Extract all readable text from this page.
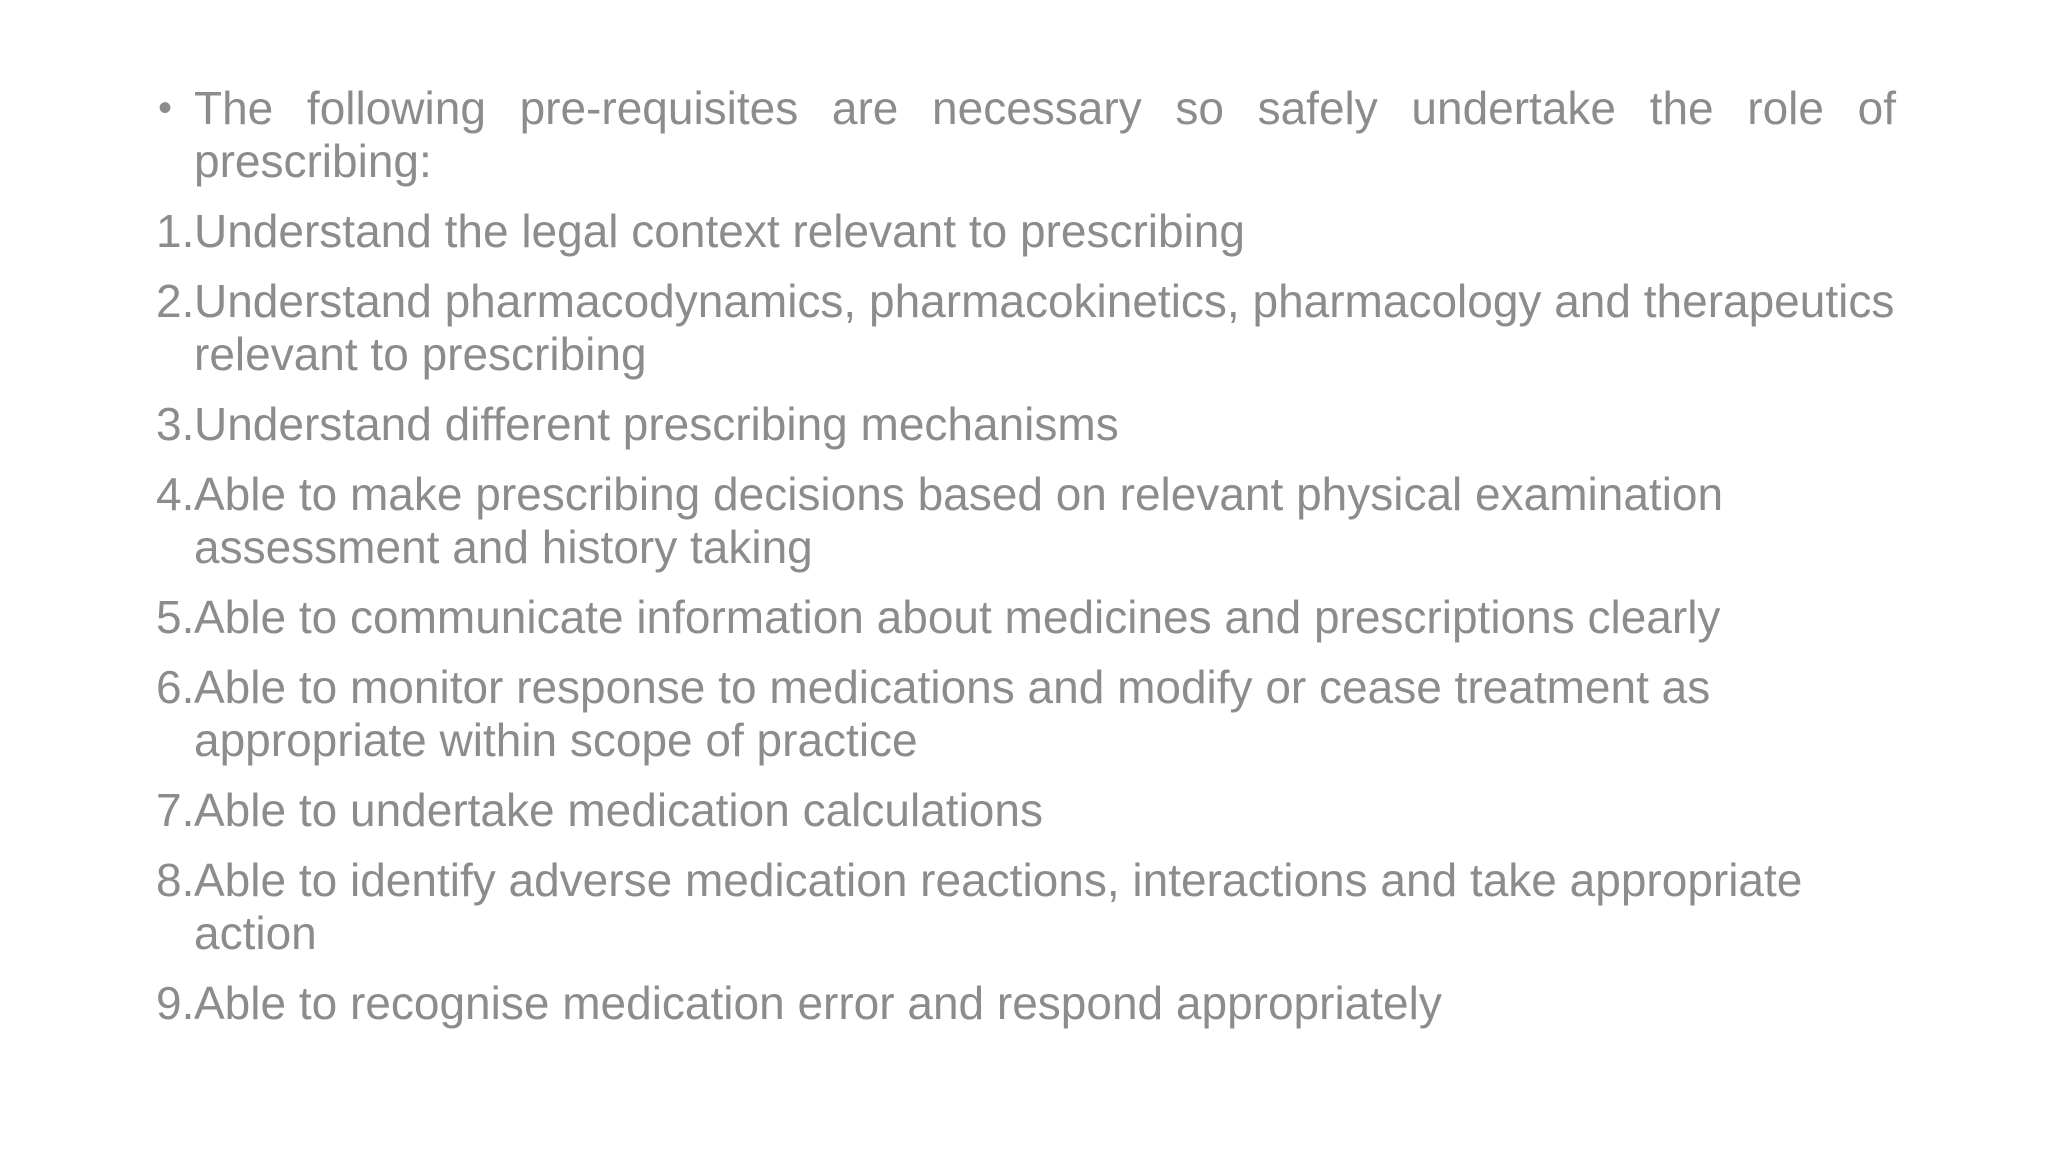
• The following pre-requisites are necessary so safely undertake the role of prescribing:
1. Understand the legal context relevant to prescribing
2. Understand pharmacodynamics, pharmacokinetics, pharmacology and therapeutics relevant to prescribing
3. Understand different prescribing mechanisms
4. Able to make prescribing decisions based on relevant physical examination assessment and history taking
5. Able to communicate information about medicines and prescriptions clearly
6. Able to monitor response to medications and modify or cease treatment as appropriate within scope of practice
7. Able to undertake medication calculations
8. Able to identify adverse medication reactions, interactions and take appropriate action
9. Able to recognise medication error and respond appropriately
